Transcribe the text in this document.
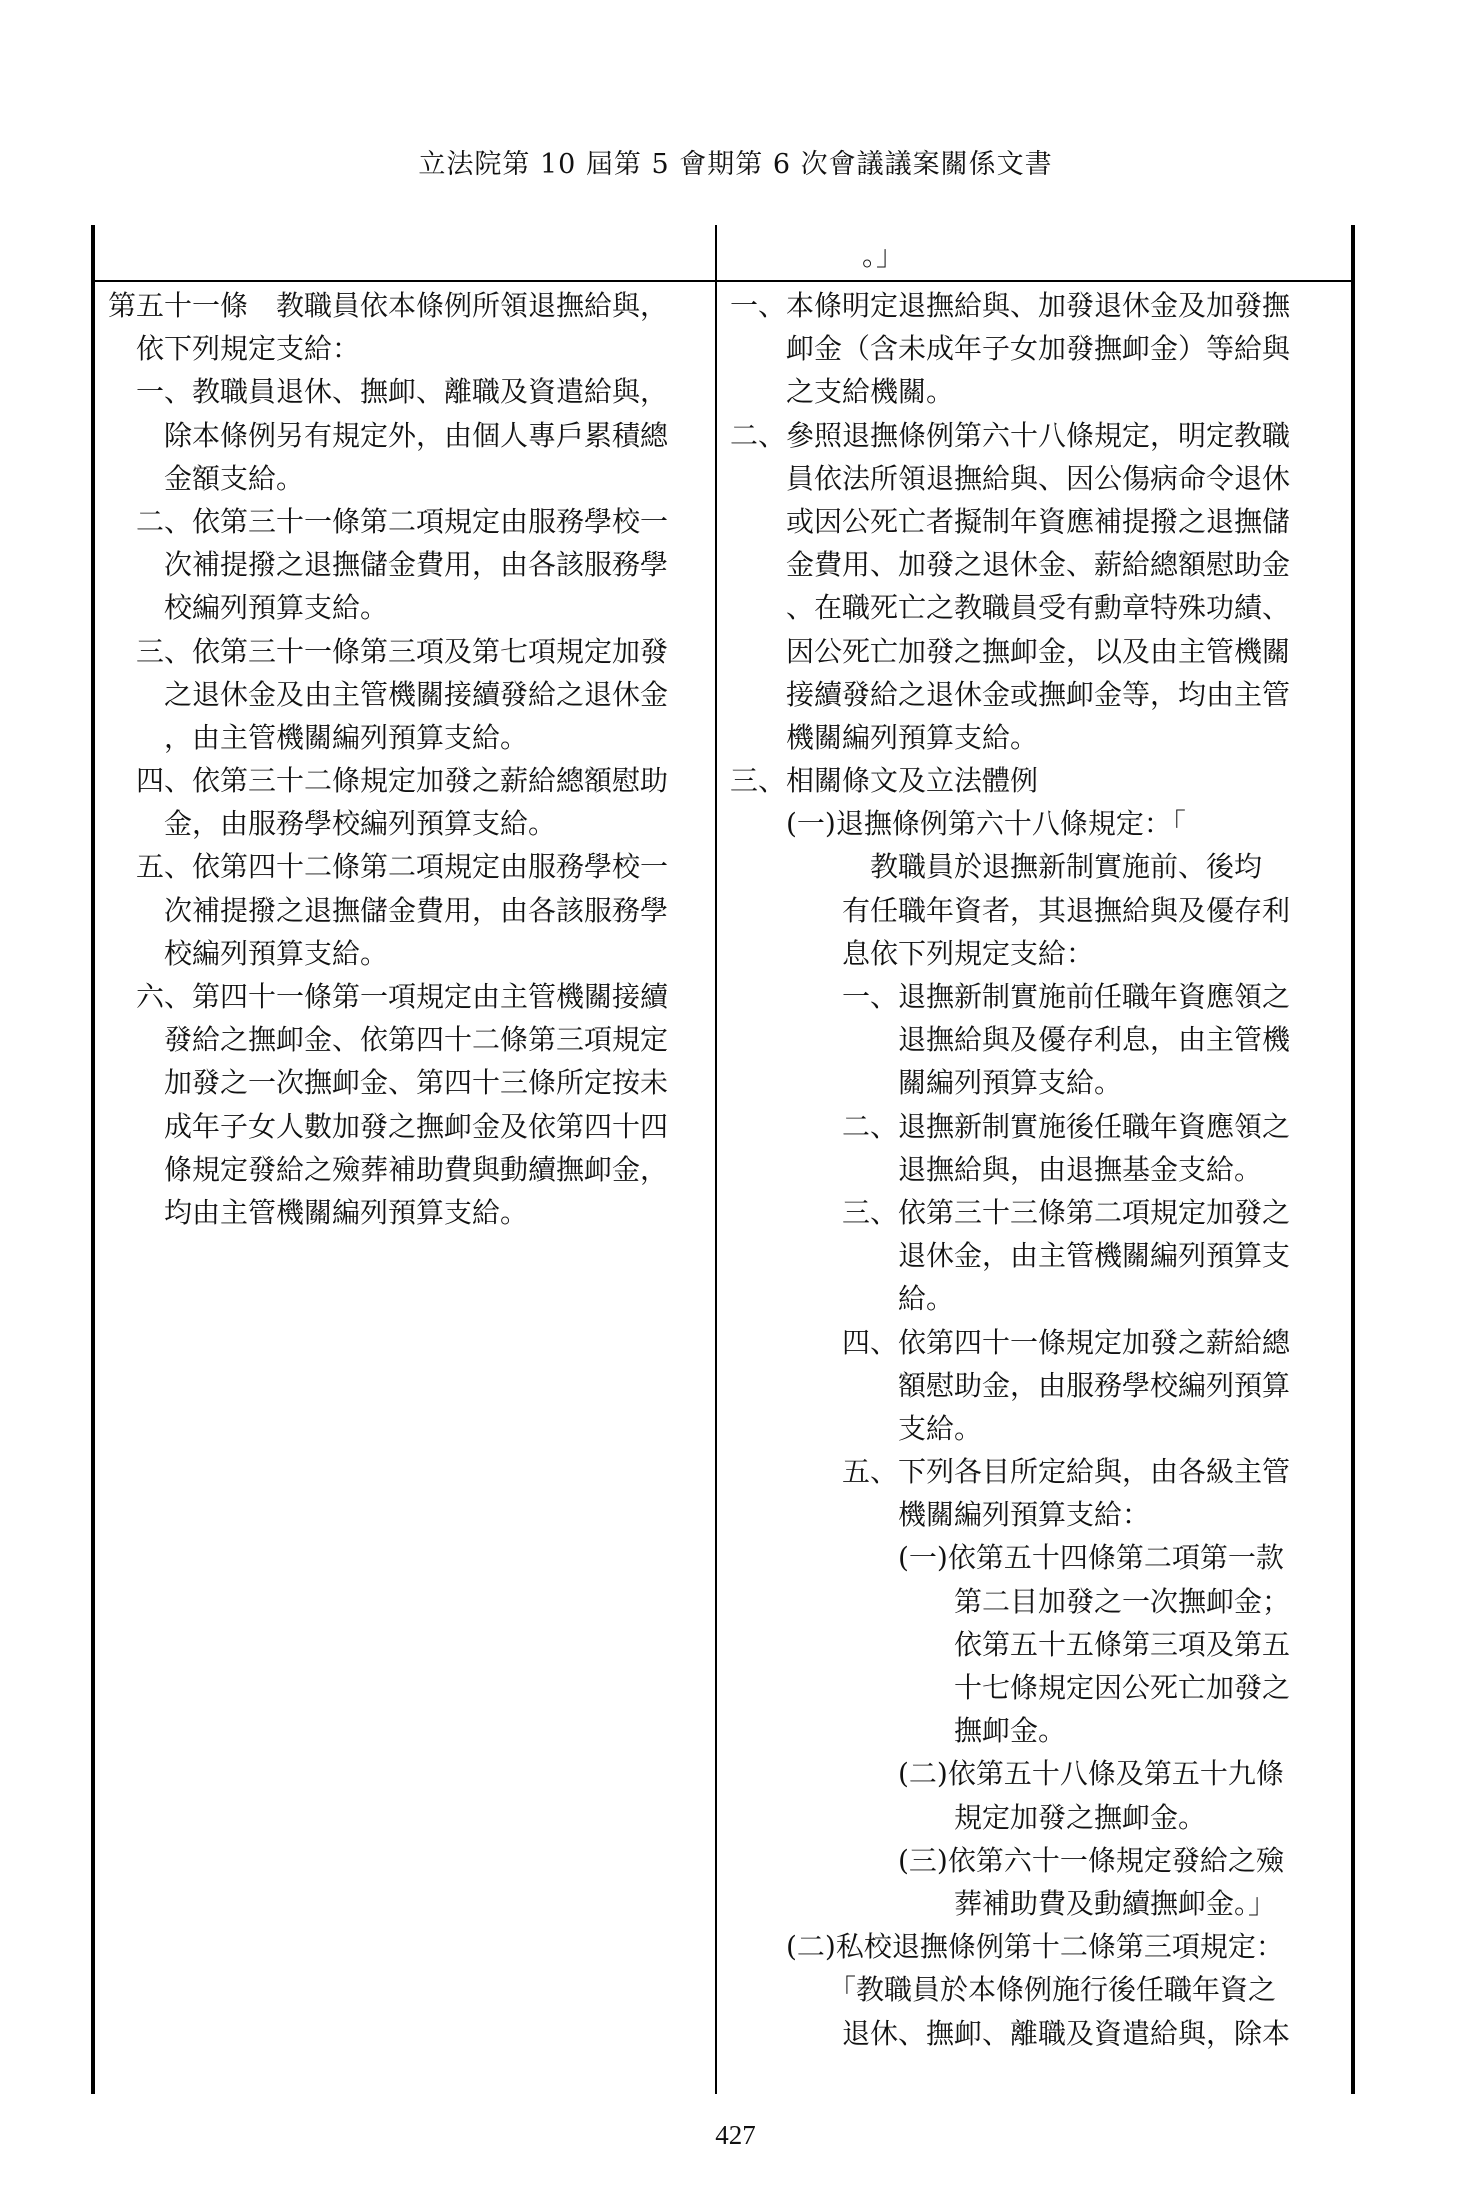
立法院第 10 屆第 5 會期第 6 次會議議案關係文書
。」
第五十一條　教職員依本條例所領退撫給與，
　依下列規定支給：
　一、教職員退休、撫卹、離職及資遣給與，
　　除本條例另有規定外，由個人專戶累積總
　　金額支給。
　二、依第三十一條第二項規定由服務學校一
　　次補提撥之退撫儲金費用，由各該服務學
　　校編列預算支給。
　三、依第三十一條第三項及第七項規定加發
　　之退休金及由主管機關接續發給之退休金
　　，由主管機關編列預算支給。
　四、依第三十二條規定加發之薪給總額慰助
　　金，由服務學校編列預算支給。
　五、依第四十二條第二項規定由服務學校一
　　次補提撥之退撫儲金費用，由各該服務學
　　校編列預算支給。
　六、第四十一條第一項規定由主管機關接續
　　發給之撫卹金、依第四十二條第三項規定
　　加發之一次撫卹金、第四十三條所定按未
　　成年子女人數加發之撫卹金及依第四十四
　　條規定發給之殮葬補助費與動續撫卹金，
　　均由主管機關編列預算支給。
一、本條明定退撫給與、加發退休金及加發撫
　　卹金（含未成年子女加發撫卹金）等給與
　　之支給機關。
二、參照退撫條例第六十八條規定，明定教職
　　員依法所領退撫給與、因公傷病命令退休
　　或因公死亡者擬制年資應補提撥之退撫儲
　　金費用、加發之退休金、薪給總額慰助金
　　、在職死亡之教職員受有勳章特殊功績、
　　因公死亡加發之撫卹金，以及由主管機關
　　接續發給之退休金或撫卹金等，均由主管
　　機關編列預算支給。
三、相關條文及立法體例
　　(一)退撫條例第六十八條規定：「
　　　　　教職員於退撫新制實施前、後均
　　　　有任職年資者，其退撫給與及優存利
　　　　息依下列規定支給：
　　　　一、退撫新制實施前任職年資應領之
　　　　　　退撫給與及優存利息，由主管機
　　　　　　關編列預算支給。
　　　　二、退撫新制實施後任職年資應領之
　　　　　　退撫給與，由退撫基金支給。
　　　　三、依第三十三條第二項規定加發之
　　　　　　退休金，由主管機關編列預算支
　　　　　　給。
　　　　四、依第四十一條規定加發之薪給總
　　　　　　額慰助金，由服務學校編列預算
　　　　　　支給。
　　　　五、下列各目所定給與，由各級主管
　　　　　　機關編列預算支給：
　　　　　　(一)依第五十四條第二項第一款
　　　　　　　　第二目加發之一次撫卹金；
　　　　　　　　依第五十五條第三項及第五
　　　　　　　　十七條規定因公死亡加發之
　　　　　　　　撫卹金。
　　　　　　(二)依第五十八條及第五十九條
　　　　　　　　規定加發之撫卹金。
　　　　　　(三)依第六十一條規定發給之殮
　　　　　　　　葬補助費及動續撫卹金。」
　　(二)私校退撫條例第十二條第三項規定：
　　　　「教職員於本條例施行後任職年資之
　　　　退休、撫卹、離職及資遣給與，除本
427
